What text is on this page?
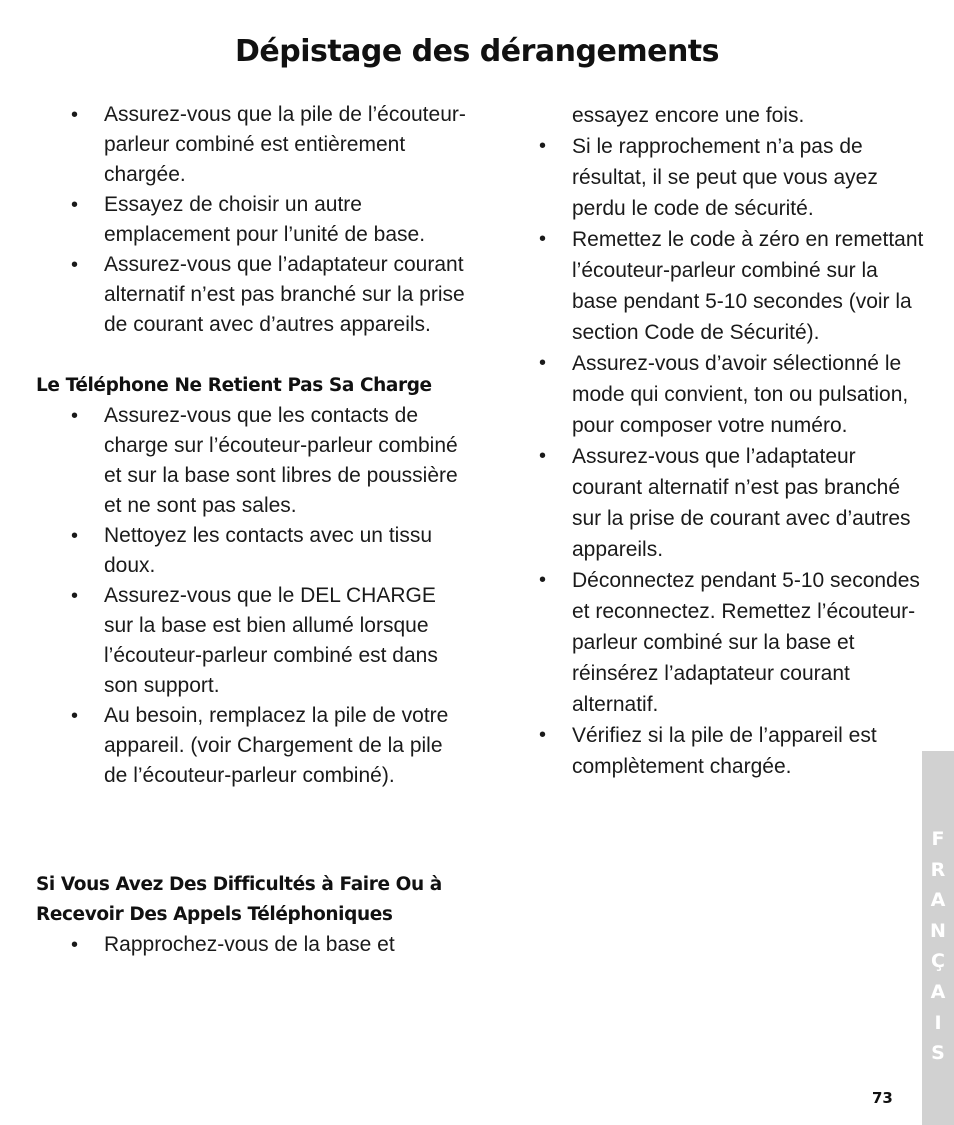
Dépistage des dérangements
• Assurez-vous que la pile de l’écouteur-parleur combiné est entièrement chargée.
• Essayez de choisir un autre emplacement pour l’unité de base.
• Assurez-vous que l’adaptateur courant alternatif n’est pas branché sur la prise de courant avec d’autres appareils.
Le Téléphone Ne Retient Pas Sa Charge
• Assurez-vous que les contacts de charge sur l’écouteur-parleur combiné et sur la base sont libres de poussière et ne sont pas sales.
• Nettoyez les contacts avec un tissu doux.
• Assurez-vous que le DEL CHARGE sur la base est bien allumé lorsque l’écouteur-parleur combiné est dans son support.
• Au besoin, remplacez la pile de votre appareil. (voir Chargement de la pile de l’écouteur-parleur combiné).
Si Vous Avez Des Difficultés à Faire Ou à Recevoir Des Appels Téléphoniques
• Rapprochez-vous de la base et

essayez encore une fois.

• Si le rapprochement n’a pas de résultat, il se peut que vous ayez perdu le code de sécurité.
• Remettez le code à zéro en remettant l’écouteur-parleur combiné sur la base pendant 5-10 secondes (voir la section Code de Sécurité).
• Assurez-vous d’avoir sélectionné le mode qui convient, ton ou pulsation, pour composer votre numéro.
• Assurez-vous que l’adaptateur courant alternatif n’est pas branché sur la prise de courant avec d’autres appareils.
• Déconnectez pendant 5-10 secondes et reconnectez. Remettez l’écouteur-parleur combiné sur la base et réinsérez l’adaptateur courant alternatif.
• Vérifiez si la pile de l’appareil est complètement chargée.
F
R
A
N
Ç
A
I
S
73
